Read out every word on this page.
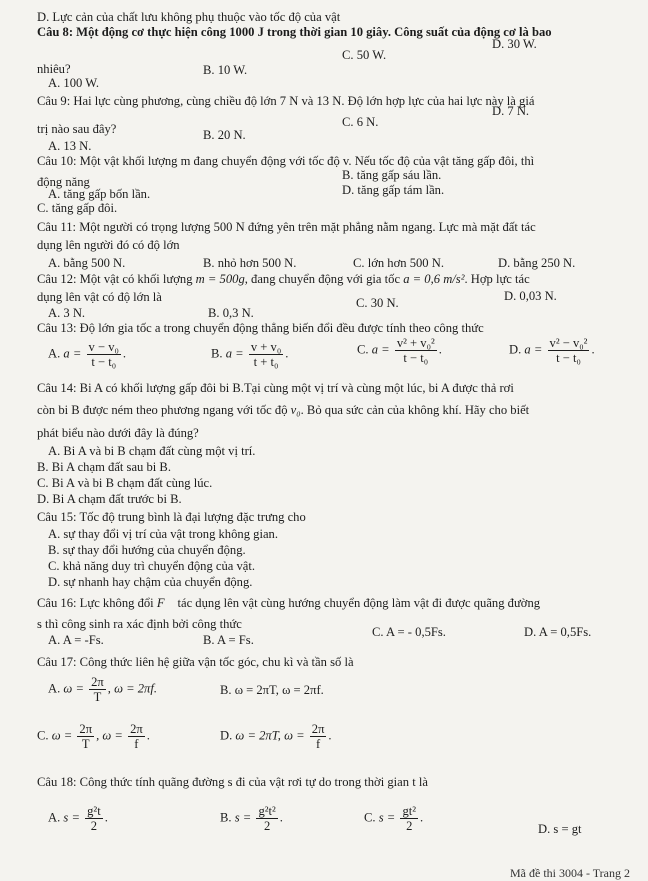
D. Lực cản của chất lưu không phụ thuộc vào tốc độ của vật
Câu 8: Một động cơ thực hiện công 1000 J trong thời gian 10 giây. Công suất của động cơ là bao
nhiêu?
D. 30 W.
C. 50 W.
B. 10 W.
A. 100 W.
Câu 9: Hai lực cùng phương, cùng chiều độ lớn 7 N và 13 N. Độ lớn hợp lực của hai lực này là giá
trị nào sau đây?
D. 7 N.
C. 6 N.
B. 20 N.
A. 13 N.
Câu 10: Một vật khối lượng m đang chuyển động với tốc độ v. Nếu tốc độ của vật tăng gấp đôi, thì
động năng	B. tăng gấp sáu lần.
A. tăng gấp bốn lần.	D. tăng gấp tám lần.
C. tăng gấp đôi.
Câu 11: Một người có trọng lượng 500 N đứng yên trên mặt phẳng nằm ngang. Lực mà mặt đất tác
dụng lên người đó có độ lớn
A. bằng 500 N.	B. nhỏ hơn 500 N.	C. lớn hơn 500 N.	D. bằng 250 N.
Câu 12: Một vật có khối lượng m = 500g, đang chuyển động với gia tốc a = 0,6 m/s². Hợp lực tác
dụng lên vật có độ lớn là
A. 3 N.	B. 0,3 N.
C. 30 N.	D. 0,03 N.
Câu 13: Độ lớn gia tốc a trong chuyển động thẳng biến đổi đều được tính theo công thức
A. $a = \frac{\text{v − v₀}}{\text{t − t₀}}$ .	B. $a = \frac{\text{v + v₀}}{\text{t + t₀}}$ .	C. $a = \frac{\text{v² + v₀²}}{\text{t − t₀}}$ .	D. $a = \frac{\text{v² − v₀²}}{\text{t − t₀}}$ .
Câu 14: Bi A có khối lượng gấp đôi bi B.Tại cùng một vị trí và cùng một lúc, bi A được thả rơi
còn bi B được ném theo phương ngang với tốc độ v₀. Bỏ qua sức cản của không khí. Hãy cho biết
phát biểu nào dưới đây là đúng?
A. Bi A và bi B chạm đất cùng một vị trí.
B. Bi A chạm đất sau bi B.
C. Bi A và bi B chạm đất cùng lúc.
D. Bi A chạm đất trước bi B.
Câu 15: Tốc độ trung bình là đại lượng đặc trưng cho
A. sự thay đổi vị trí của vật trong không gian.
B. sự thay đổi hướng của chuyển động.
C. khả năng duy trì chuyển động của vật.
D. sự nhanh hay chậm của chuyển động.
Câu 16: Lực không đổi F⃗ tác dụng lên vật cùng hướng chuyển động làm vật đi được quãng đường
s thì công sinh ra xác định bởi công thức
A. A = -Fs.	B. A = Fs.
C. A = - 0,5Fs.	D. A = 0,5Fs.
Câu 17: Công thức liên hệ giữa vận tốc góc, chu kì và tần số là
A. $\omega = \frac{2\pi}{T}$ , ω = 2πf.	B. ω = 2πT, ω = 2πf.
C. $\omega = \frac{2\pi}{T}$ , $\omega = \frac{2\pi}{f}$ .	D. ω = 2πT, $\omega = \frac{2\pi}{f}$ .
Câu 18: Công thức tính quãng đường s đi của vật rơi tự do trong thời gian t là
A. $s = \frac{\text{g²t}}{2}$ .	B. $s = \frac{\text{g²t²}}{2}$ .	C. $s = \frac{\text{gt²}}{2}$ .
D. s = gt
Mã đề thi 3004 - Trang 2
